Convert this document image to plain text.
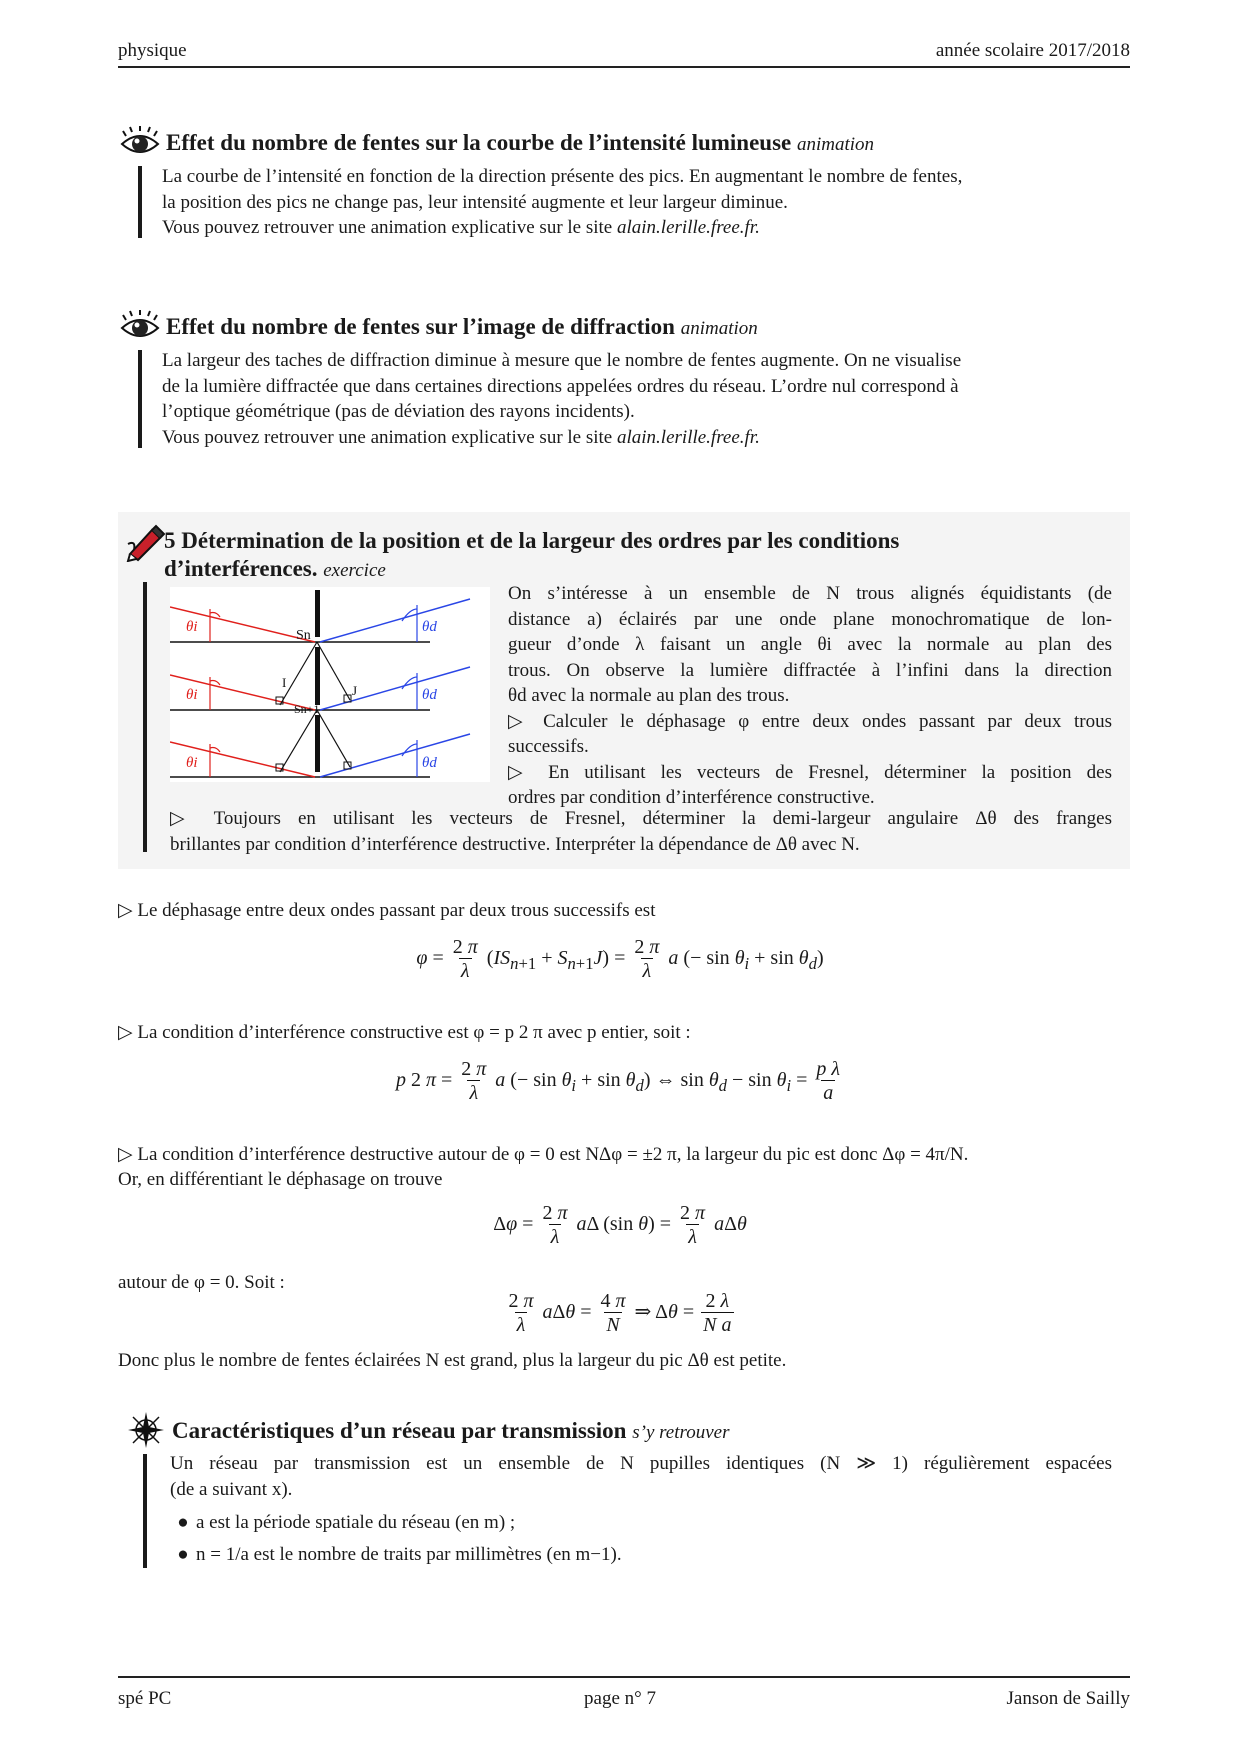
physique	année scolaire 2017/2018
Effet du nombre de fentes sur la courbe de l’intensité lumineuse animation
La courbe de l’intensité en fonction de la direction présente des pics. En augmentant le nombre de fentes,
la position des pics ne change pas, leur intensité augmente et leur largeur diminue.
Vous pouvez retrouver une animation explicative sur le site alain.lerille.free.fr.
Effet du nombre de fentes sur l’image de diffraction animation
La largeur des taches de diffraction diminue à mesure que le nombre de fentes augmente. On ne visualise
de la lumière diffractée que dans certaines directions appelées ordres du réseau. L’ordre nul correspond à
l’optique géométrique (pas de déviation des rayons incidents).
Vous pouvez retrouver une animation explicative sur le site alain.lerille.free.fr.
5 Détermination de la position et de la largeur des ordres par les conditions
d’interférences. exercice
θi
θi
θi
θd
θd
θd
Sn
Sn+1
I
J
On s’intéresse à un ensemble de N trous alignés équidistants (de
distance a) éclairés par une onde plane monochromatique de lon-
gueur d’onde λ faisant un angle θi avec la normale au plan des
trous. On observe la lumière diffractée à l’infini dans la direction
θd avec la normale au plan des trous.
▷ Calculer le déphasage φ entre deux ondes passant par deux trous
successifs.
▷ En utilisant les vecteurs de Fresnel, déterminer la position des
ordres par condition d’interférence constructive.
▷ Toujours en utilisant les vecteurs de Fresnel, déterminer la demi-largeur angulaire Δθ des franges
brillantes par condition d’interférence destructive. Interpréter la dépendance de Δθ avec N.
▷ Le déphasage entre deux ondes passant par deux trous successifs est
$\varphi = \frac{2 \pi}{\lambda} (IS_{n+1} + S_{n+1}J) = \frac{2 \pi}{\lambda}$ a (− $\sin \theta_i + \sin \theta_d$)
▷ La condition d’interférence constructive est φ = p 2 π avec p entier, soit :
p 2 $\pi = \frac{2 \pi}{\lambda}$ a (− $\sin \theta_i + \sin \theta_d$) ⇔ $\sin \theta_d - \sin \theta_i = \frac{\text{p λ}}{a}$
▷ La condition d’interférence destructive autour de φ = 0 est NΔφ = ±2 π, la largeur du pic est donc Δφ = 4π/N.
Or, en différentiant le déphasage on trouve
$\Delta\varphi = \frac{2 \pi}{\lambda}$ aΔ (sin $\theta) = \frac{2 \pi}{\lambda}$ aΔθ
autour de φ = 0. Soit :
$\frac{2 \pi}{\lambda}$ $a\Delta\theta = \frac{4 \pi}{N}$ ⇒ $\Delta\theta = \frac{2 \lambda}{\text{N a}}$
Donc plus le nombre de fentes éclairées N est grand, plus la largeur du pic Δθ est petite.
Caractéristiques d’un réseau par transmission s’y retrouver
Un réseau par transmission est un ensemble de N pupilles identiques (N ≫ 1) régulièrement espacées
(de a suivant x).
● a est la période spatiale du réseau (en m) ;
● n = 1/a est le nombre de traits par millimètres (en m−1).
spé PC	page n° 7	Janson de Sailly
